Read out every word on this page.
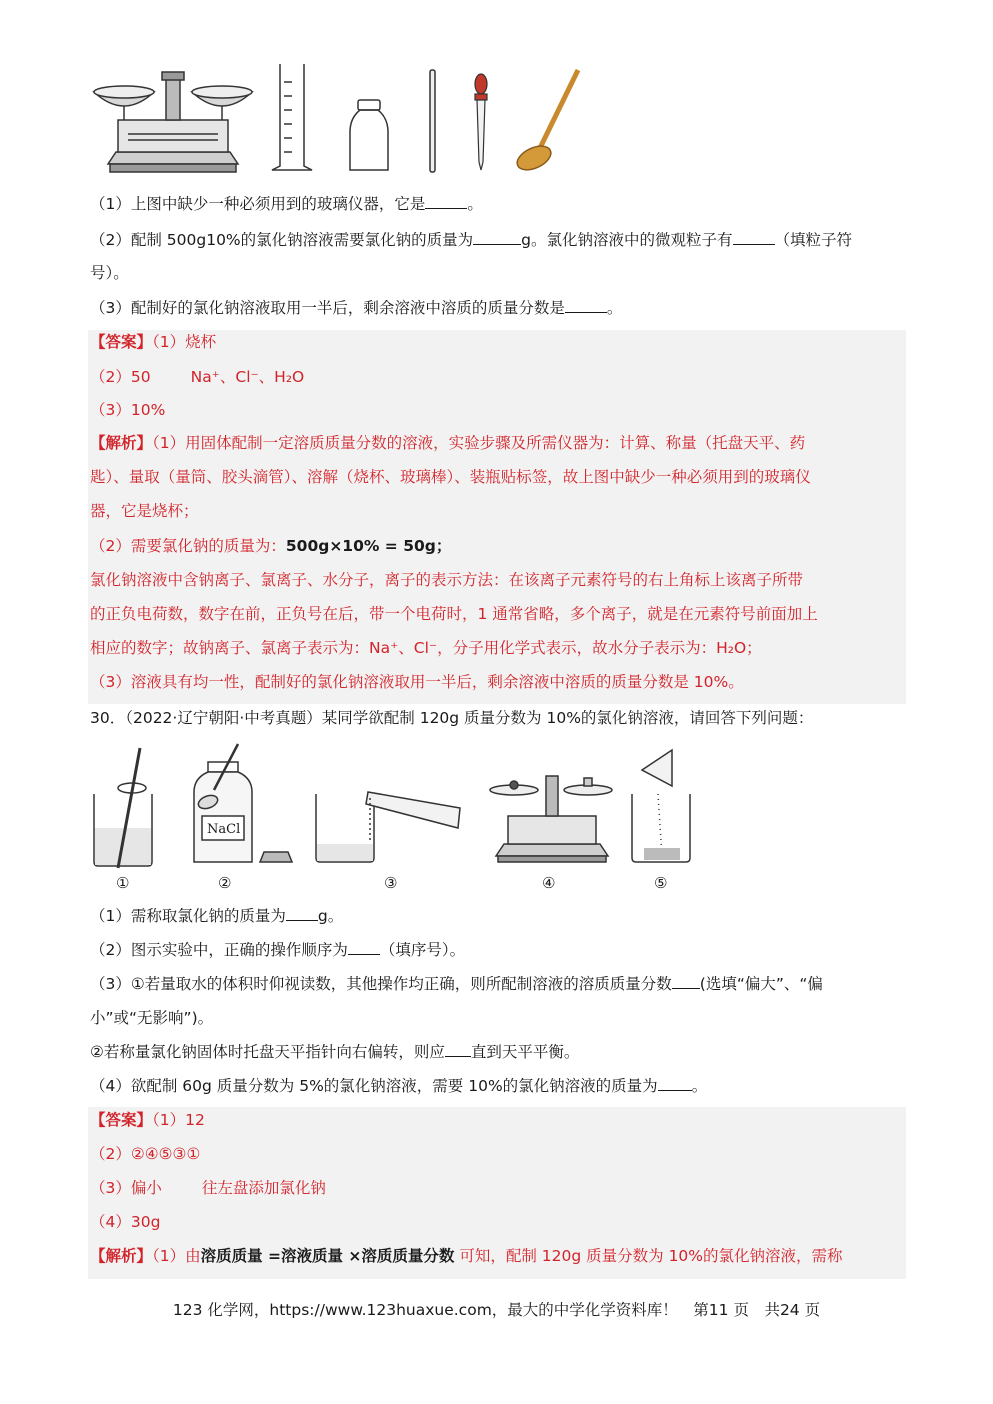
（1）上图中缺少一种必须用到的玻璃仪器，它是	。
（2）配制 500g10%的氯化钠溶液需要氯化钠的质量为	g。氯化钠溶液中的微观粒子有	（填粒子符
号）。
（3）配制好的氯化钠溶液取用一半后，剩余溶液中溶质的质量分数是	。
【答案】（1）烧杯
（2）50	Na⁺、Cl⁻、H₂O
（3）10%
【解析】（1）用固体配制一定溶质质量分数的溶液，实验步骤及所需仪器为：计算、称量（托盘天平、药
匙）、量取（量筒、胶头滴管）、溶解（烧杯、玻璃棒）、装瓶贴标签，故上图中缺少一种必须用到的玻璃仪
器，它是烧杯；
（2）需要氯化钠的质量为：500g×10% = 50g；
氯化钠溶液中含钠离子、氯离子、水分子，离子的表示方法：在该离子元素符号的右上角标上该离子所带
的正负电荷数，数字在前，正负号在后，带一个电荷时，1 通常省略，多个离子，就是在元素符号前面加上
相应的数字；故钠离子、氯离子表示为：Na⁺、Cl⁻，分子用化学式表示，故水分子表示为：H₂O；
（3）溶液具有均一性，配制好的氯化钠溶液取用一半后，剩余溶液中溶质的质量分数是 10%。
30．（2022·辽宁朝阳·中考真题）某同学欲配制 120g 质量分数为 10%的氯化钠溶液，请回答下列问题：
NaCl
①	②	③	④	⑤
（1）需称取氯化钠的质量为 g。
（2）图示实验中，正确的操作顺序为 （填序号）。
（3）①若量取水的体积时仰视读数，其他操作均正确，则所配制溶液的溶质质量分数 (选填“偏大”、“偏
小”或“无影响”)。
②若称量氯化钠固体时托盘天平指针向右偏转，则应 直到天平平衡。
（4）欲配制 60g 质量分数为 5%的氯化钠溶液，需要 10%的氯化钠溶液的质量为 。
【答案】（1）12
（2）②④⑤③①
（3）偏小	往左盘添加氯化钠
（4）30g
【解析】（1）由溶质质量 =溶液质量 ×溶质质量分数 可知，配制 120g 质量分数为 10%的氯化钠溶液，需称
123 化学网，https://www.123huaxue.com，最大的中学化学资料库！　第11 页　共24 页
